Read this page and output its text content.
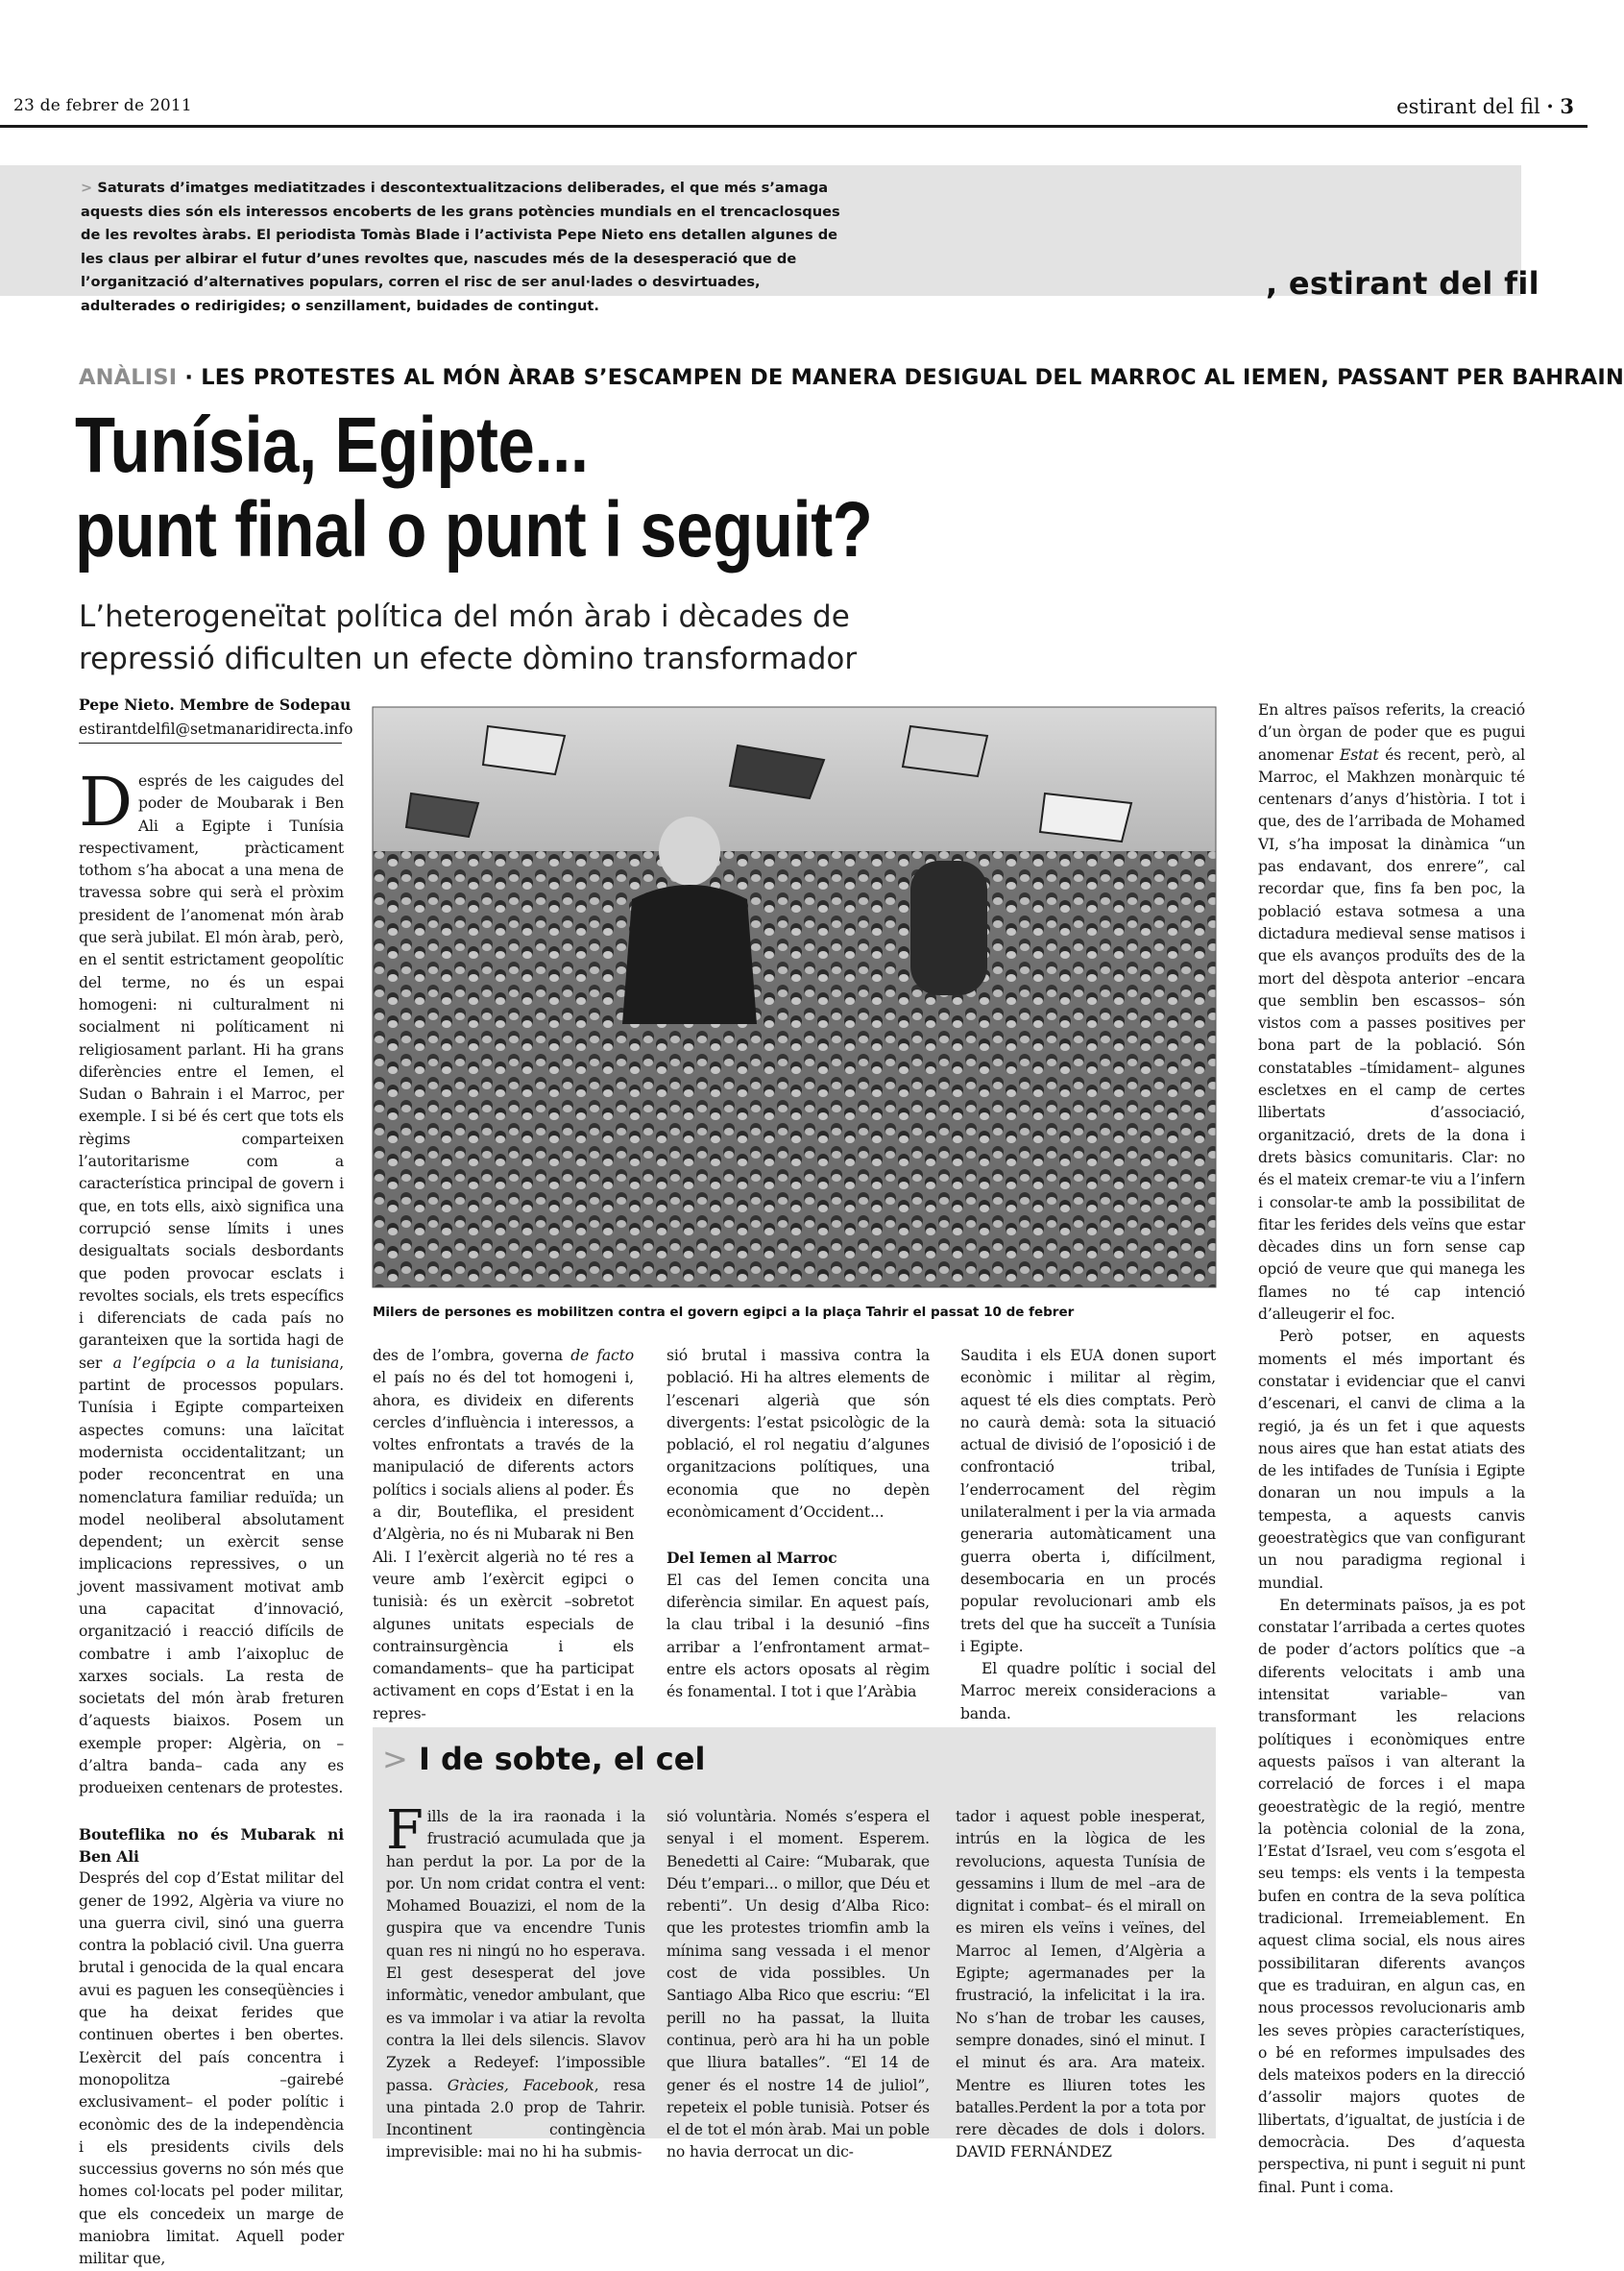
23 de febrer de 2011	estirant del fil · 3
> Saturats d’imatges mediatitzades i descontextualitzacions deliberades, el que més s’amaga aquests dies són els interessos encoberts de les grans potències mundials en el trencaclosques de les revoltes àrabs. El periodista Tomàs Blade i l’activista Pepe Nieto ens detallen algunes de les claus per albirar el futur d’unes revoltes que, nascudes més de la desesperació que de l’organització d’alternatives populars, corren el risc de ser anul·lades o desvirtuades, adulterades o redirigides; o senzillament, buidades de contingut.
, estirant del fil
ANÀLISI · LES PROTESTES AL MÓN ÀRAB S’ESCAMPEN DE MANERA DESIGUAL DEL MARROC AL IEMEN, PASSANT PER BAHRAIN
Tunísia, Egipte...
punt final o punt i seguit?
L’heterogeneïtat política del món àrab i dècades de
repressió dificulten un efecte dòmino transformador
Pepe Nieto. Membre de Sodepau
estirantdelfil@setmanaridirecta.info

Després de les caigudes del poder de Moubarak i Ben Ali a Egipte i Tunísia respectivament, pràcticament tothom s’ha abocat a una mena de travessa sobre qui serà el pròxim president de l’anomenat món àrab que serà jubilat. El món àrab, però, en el sentit estrictament geopolític del terme, no és un espai homogeni: ni culturalment ni socialment ni políticament ni religiosament parlant. Hi ha grans diferències entre el Iemen, el Sudan o Bahrain i el Marroc, per exemple. I si bé és cert que tots els règims comparteixen l’autoritarisme com a característica principal de govern i que, en tots ells, això significa una corrupció sense límits i unes desigualtats socials desbordants que poden provocar esclats i revoltes socials, els trets específics i diferenciats de cada país no garanteixen que la sortida hagi de ser a l’egípcia o a la tunisiana, partint de processos populars. Tunísia i Egipte comparteixen aspectes comuns: una laïcitat modernista occidentalitzant; un poder reconcentrat en una nomenclatura familiar reduïda; un model neoliberal absolutament dependent; un exèrcit sense implicacions repressives, o un jovent massivament motivat amb una capacitat d’innovació, organització i reacció difícils de combatre i amb l’aixopluc de xarxes socials. La resta de societats del món àrab freturen d’aquests biaixos. Posem un exemple proper: Algèria, on –d’altra banda– cada any es produeixen centenars de protestes.

Bouteflika no és Mubarak ni Ben Ali

Després del cop d’Estat militar del gener de 1992, Algèria va viure no una guerra civil, sinó una guerra contra la població civil. Una guerra brutal i genocida de la qual encara avui es paguen les conseqüències i que ha deixat ferides que continuen obertes i ben obertes. L’exèrcit del país concentra i monopolitza –gairebé exclusivament– el poder polític i econòmic des de la independència i els presidents civils dels successius governs no són més que homes col·locats pel poder militar, que els concedeix un marge de maniobra limitat. Aquell poder militar que,

Milers de persones es mobilitzen contra el govern egipci a la plaça Tahrir el passat 10 de febrer

des de l’ombra, governa de facto el país no és del tot homogeni i, ahora, es divideix en diferents cercles d’influència i interessos, a voltes enfrontats a través de la manipulació de diferents actors polítics i socials aliens al poder. És a dir, Bouteflika, el president d’Algèria, no és ni Mubarak ni Ben Ali. I l’exèrcit algerià no té res a veure amb l’exèrcit egipci o tunisià: és un exèrcit –sobretot algunes unitats especials de contrainsurgència i els comandaments– que ha participat activament en cops d’Estat i en la repres-

sió brutal i massiva contra la població. Hi ha altres elements de l’escenari algerià que són divergents: l’estat psicològic de la població, el rol negatiu d’algunes organitzacions polítiques, una economia que no depèn econòmicament d’Occident...

Del Iemen al Marroc

El cas del Iemen concita una diferència similar. En aquest país, la clau tribal i la desunió –fins arribar a l’enfrontament armat– entre els actors oposats al règim és fonamental. I tot i que l’Aràbia

Saudita i els EUA donen suport econòmic i militar al règim, aquest té els dies comptats. Però no caurà demà: sota la situació actual de divisió de l’oposició i de confrontació tribal, l’enderrocament del règim unilateralment i per la via armada generaria automàticament una guerra oberta i, difícilment, desembocaria en un procés popular revolucionari amb els trets del que ha succeït a Tunísia i Egipte.

El quadre polític i social del Marroc mereix consideracions a banda.

En altres països referits, la creació d’un òrgan de poder que es pugui anomenar Estat és recent, però, al Marroc, el Makhzen monàrquic té centenars d’anys d’història. I tot i que, des de l’arribada de Mohamed VI, s’ha imposat la dinàmica “un pas endavant, dos enrere”, cal recordar que, fins fa ben poc, la població estava sotmesa a una dictadura medieval sense matisos i que els avanços produïts des de la mort del dèspota anterior –encara que semblin ben escassos– són vistos com a passes positives per bona part de la població. Són constatables –tímidament– algunes escletxes en el camp de certes llibertats d’associació, organització, drets de la dona i drets bàsics comunitaris. Clar: no és el mateix cremar-te viu a l’infern i consolar-te amb la possibilitat de fitar les ferides dels veïns que estar dècades dins un forn sense cap opció de veure que qui manega les flames no té cap intenció d’alleugerir el foc.

Però potser, en aquests moments el més important és constatar i evidenciar que el canvi d’escenari, el canvi de clima a la regió, ja és un fet i que aquests nous aires que han estat atiats des de les intifades de Tunísia i Egipte donaran un nou impuls a la tempesta, a aquests canvis geoestratègics que van configurant un nou paradigma regional i mundial.

En determinats països, ja es pot constatar l’arribada a certes quotes de poder d’actors polítics que –a diferents velocitats i amb una intensitat variable– van transformant les relacions polítiques i econòmiques entre aquests països i van alterant la correlació de forces i el mapa geoestratègic de la regió, mentre la potència colonial de la zona, l’Estat d’Israel, veu com s’esgota el seu temps: els vents i la tempesta bufen en contra de la seva política tradicional. Irremeiablement. En aquest clima social, els nous aires possibilitaran diferents avanços que es traduiran, en algun cas, en nous processos revolucionaris amb les seves pròpies característiques, o bé en reformes impulsades des dels mateixos poders en la direcció d’assolir majors quotes de llibertats, d’igualtat, de justícia i de democràcia. Des d’aquesta perspectiva, ni punt i seguit ni punt final. Punt i coma.

> I de sobte, el cel

Fills de la ira raonada i la frustració acumulada que ja han perdut la por. La por de la por. Un nom cridat contra el vent: Mohamed Bouazizi, el nom de la guspira que va encendre Tunis quan res ni ningú no ho esperava. El gest desesperat del jove informàtic, venedor ambulant, que es va immolar i va atiar la revolta contra la llei dels silencis. Slavov Zyzek a Redeyef: l’impossible passa. Gràcies, Facebook, resa una pintada 2.0 prop de Tahrir. Incontinent contingència imprevisible: mai no hi ha submis-

sió voluntària. Només s’espera el senyal i el moment. Esperem. Benedetti al Caire: “Mubarak, que Déu t’empari... o millor, que Déu et rebenti”. Un desig d’Alba Rico: que les protestes triomfin amb la mínima sang vessada i el menor cost de vida possibles. Un Santiago Alba Rico que escriu: “El perill no ha passat, la lluita continua, però ara hi ha un poble que lliura batalles”. “El 14 de gener és el nostre 14 de juliol”, repeteix el poble tunisià. Potser és el de tot el món àrab. Mai un poble no havia derrocat un dic-

tador i aquest poble inesperat, intrús en la lògica de les revolucions, aquesta Tunísia de gessamins i llum de mel –ara de dignitat i combat– és el mirall on es miren els veïns i veïnes, del Marroc al Iemen, d’Algèria a Egipte; agermanades per la frustració, la infelicitat i la ira. No s’han de trobar les causes, sempre donades, sinó el minut. I el minut és ara. Ara mateix. Mentre es lliuren totes les batalles.Perdent la por a tota por rere dècades de dols i dolors. DAVID FERNÁNDEZ
